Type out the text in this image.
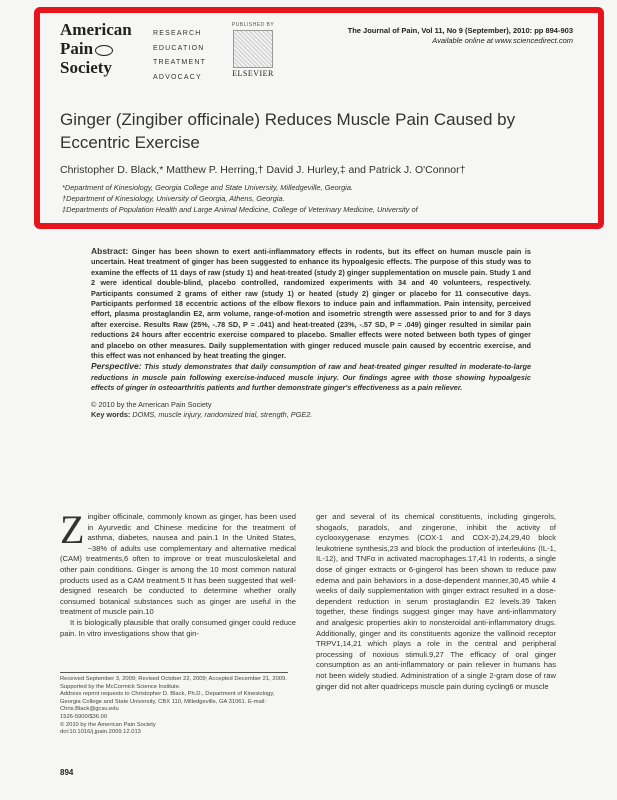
American
Pain
Society
RESEARCH
EDUCATION
TREATMENT
ADVOCACY
PUBLISHED BY
ELSEVIER
The Journal of Pain, Vol 11, No 9 (September), 2010: pp 894-903
Available online at www.sciencedirect.com
Ginger (Zingiber officinale) Reduces Muscle Pain Caused by Eccentric Exercise
Christopher D. Black,* Matthew P. Herring,† David J. Hurley,‡ and Patrick J. O'Connor†
*Department of Kinesiology, Georgia College and State University, Milledgeville, Georgia.
†Department of Kinesiology, University of Georgia, Athens, Georgia.
‡Departments of Population Health and Large Animal Medicine, College of Veterinary Medicine, University of
Abstract: Ginger has been shown to exert anti-inflammatory effects in rodents, but its effect on human muscle pain is uncertain. Heat treatment of ginger has been suggested to enhance its hypoalgesic effects. The purpose of this study was to examine the effects of 11 days of raw (study 1) and heat-treated (study 2) ginger supplementation on muscle pain. Study 1 and 2 were identical double-blind, placebo controlled, randomized experiments with 34 and 40 volunteers, respectively. Participants consumed 2 grams of either raw (study 1) or heated (study 2) ginger or placebo for 11 consecutive days. Participants performed 18 eccentric actions of the elbow flexors to induce pain and inflammation. Pain intensity, perceived effort, plasma prostaglandin E2, arm volume, range-of-motion and isometric strength were assessed prior to and for 3 days after exercise. Results Raw (25%, -.78 SD, P = .041) and heat-treated (23%, -.57 SD, P = .049) ginger resulted in similar pain reductions 24 hours after eccentric exercise compared to placebo. Smaller effects were noted between both types of ginger and placebo on other measures. Daily supplementation with ginger reduced muscle pain caused by eccentric exercise, and this effect was not enhanced by heat treating the ginger.
Perspective: This study demonstrates that daily consumption of raw and heat-treated ginger resulted in moderate-to-large reductions in muscle pain following exercise-induced muscle injury. Our findings agree with those showing hypoalgesic effects of ginger in osteoarthritis patients and further demonstrate ginger's effectiveness as a pain reliever.
© 2010 by the American Pain Society
Key words: DOMS, muscle injury, randomized trial, strength, PGE2.

Zingiber officinale, commonly known as ginger, has been used in Ayurvedic and Chinese medicine for the treatment of asthma, diabetes, nausea and pain.1 In the United States, ~38% of adults use complementary and alternative medical (CAM) treatments,6 often to improve or treat musculoskeletal and other pain conditions. Ginger is among the 10 most common natural products used as a CAM treatment.5 It has been suggested that well-designed research be conducted to determine whether orally consumed botanical substances such as ginger are useful in the treatment of muscle pain.10

It is biologically plausible that orally consumed ginger could reduce pain. In vitro investigations show that gin-

ger and several of its chemical constituents, including gingerols, shogaols, paradols, and zingerone, inhibit the activity of cyclooxygenase enzymes (COX-1 and COX-2),24,29,40 block leukotriene synthesis,23 and block the production of interleukins (IL-1, IL-12), and TNFα in activated macrophages.17,41 In rodents, a single dose of ginger extracts or 6-gingerol has been shown to reduce paw edema and pain behaviors in a dose-dependent manner,30,45 while 4 weeks of daily supplementation with ginger extract resulted in a dose-dependent reduction in serum prostaglandin E2 levels.39 Taken together, these findings suggest ginger may have anti-inflammatory and analgesic properties akin to nonsteroidal anti-inflammatory drugs. Additionally, ginger and its constituents agonize the vallinoid receptor TRPV1,14,21 which plays a role in the central and peripheral processing of noxious stimuli.9,27 The efficacy of oral ginger consumption as an anti-inflammatory or pain reliever in humans has not been widely studied. Administration of a single 2-gram dose of raw ginger did not alter quadriceps muscle pain during cycling6 or muscle
Received September 3, 2009; Revised October 22, 2009; Accepted December 21, 2009.
Supported by the McCormick Science Institute.
Address reprint requests to Christopher D. Black, Ph.D., Department of Kinesiology, Georgia College and State University, CBX 110, Milledgeville, GA 31061. E-mail: Chris.Black@gcsu.edu
1526-5900/$36.00
© 2010 by the American Pain Society
doi:10.1016/j.jpain.2009.12.013
894
